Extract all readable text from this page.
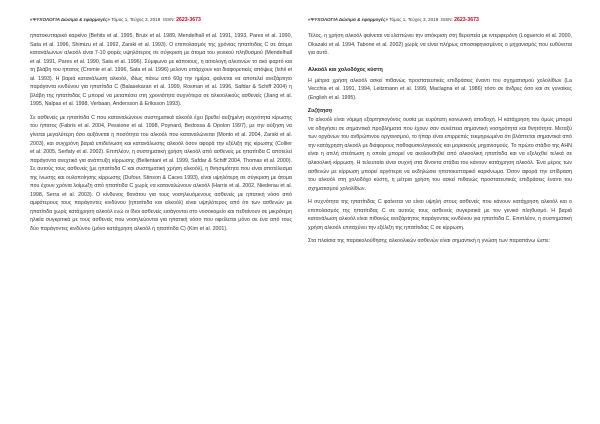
«ΨΥΧΟΛΟΓΙΑ Δώσιμα & εφαρμογές» Τόμος 1, Τεύχος 3, 2018 ISSN: 2623-3673

ηπατοκυτταρικό καρκίνο (Behits et al. 1995, Bruix et al. 1989, Mendelhall et al. 1991, 1993, Pares et al. 1990, Sata et al. 1996, Shimizu et al. 1992, Zarski et al. 1993). Ο επιπολασμός της χρόνιας ηπατίτιδας C σε άτομα κατανάλωνων αλκοόλ είναι 7-10 φορές υψηλότερος σε σύγκριση με άτομα του γενικού πληθυσμού (Mendelhall et al. 1991, Pares et al. 1990, Sata et al. 1996). Σύμφωνα με κάποιους, η αιτιολογή αλκιτινών το ακό φαρτό και τη βλάβη του ήπατος (Cromie et al. 1996, Sata et al. 1996) μελοντι υπάρχουν και διαφορετικές απόψεις (Ishii et al. 1993). Η βαριά κατανάλωση αλκοόλ, ιδίως πάνω από 60g την ημέρα, φαίνεται να αποτελεί ανεξάρτητο παράγοντα κινδύνου για ηπατίτιδα C (Balasekaran et al. 1999, Rosman et al. 1996, Safdar & Schiff 2004) η βλάβη της ηπατίτιδας C μπορεί να μεταπέσει στη χρονιότητα συχνότερα σε αλκοολικούς ασθενείς (Jiang et al. 1995, Nalpas et al. 1998, Verbaan, Andersson & Eriksson 1993).

Σε ασθενείς με ηπατίτιδα C που καταναλώνουν συστηματικά αλκοόλ έχει βρεθεί αυξημένη συχνότητα κίρωσης του ήπατος (Fabris et al. 2004, Pessione et al. 1998, Poynard, Bedossa & Opolon 1997), με την αύξηση να γίνεται μεγαλύτερη όσο αυξάνεται η ποσότητα του αλκοόλ που καταναλώνεται (Monto et al. 2004, Zarski et al. 2003), και συγχρόνη βαριά επιδείνωση και κατανάλωσης αλκοόλ όσον αφορά την εξέλιξη της κίρωσης (Collier et al. 2005, Serfaty et al. 2002). Επιπλέον, η συστηματική χρήση αλκοόλ από ασθενείς με ηπατίτιδα C αποτελεί παράγοντα ανεχτικό για ανάπτυξη κίρρωσης (Bellentani et al. 1999, Safdar & Schiff 2004, Thomas et al. 2000). Σε αυτούς τους ασθενείς (με ηπατίτιδα C και συστηματική χρήση αλκοόλ), η θνησιμότητα που είναι αποτέλεσμα της ίνωσης και ουλοποίησης κίρρωσης (Dufour, Stinson & Caces 1993), είναι υψηλότερη σε σύγκριση με άτομα που έχουν χρόνια λοίμωξη από ηπατίτιδα C χωρίς να καταναλώνουν αλκοόλ (Harris et al. 2002, Niederau et al. 1998, Serra et al. 2003). Ο κίνδυνος θανάτου για τους νοσηλευόμενους ασθενείς με ηπατική νόσο από αμφότερους τους παράγοντες κινδύνου (ηπατίτιδα και αλκοόλ) είναι υψηλότερος από ότι των ασθενών με ηπατίτιδα χωρίς κατάχρηση αλκοόλ ενώ οι ίδιοι ασθενείς εισάγονται στο νοσοκομείο και πεθαίνουν σε μικρότερη ηλικία συγκριτικά με τους ασθενείς που νοσηλεύονται για ηπατική νόσο που οφείλεται μόνο σε ένα από τους δύο παράγοντες κινδύνου (μόνο κατάχρηση αλκοόλ ή ηπατίτιδα C) (Kim et al. 2001).

«ΨΥΧΟΛΟΓΙΑ Δώσιμα & εφαρμογές» Τόμος 1, Τεύχος 3, 2018 ISSN: 2623-3673

Τέλος, η χρήση αλκοόλ φαίνεται να ελαττώνει την απόκριση στη θεραπεία με ιντερφερόνη (Loguercio et al. 2000, Okazaki et al. 1994, Tabone et al. 2002) χωρίς να είναι πλήρως αποσαφηνισμένος ο μηχανισμός που ευθύνεται για αυτό.

Αλκοόλ και χολοδόχος κύστη

Η μέτρια χρήση αλκοόλ ασκεί πιθανώς προστατευτικές επιδράσεις έναντι του σχηματισμού χολολίθων (La Vecchia et al. 1991, 1994, Leitzmann et al. 1999, Maclagna et al. 1986) τόσο σε άνδρες όσο και σε γυναίκες (English et al. 1995).

Συζήτηση

Το αλκοόλ είναι νόμιμη εξαρτησιογόνος ουσία με ευρύτατη κοινωνική αποδοχή. Η κατάχρηση του όμως μπορεί να οδηγήσει σε σημαντικά προβλήματα που έχουν σαν συνέπεια σημαντική νοσηρότητα και θνητότητα. Μεταξύ των οργάνων του ανθρώπινου οργανισμού, το ήπαρ είναι επιρρεπές τεκμηριωμένα ότι βλάπτεται σημαντικά από την κατάχρηση αλκοόλ με διάφορους παθοφυσιολογικούς και μοριακούς μηχανισμούς. Το πρώτο στάδιο της ΑΗΝ είναι η απλή στεάτωση η οποία μπορεί να ακολουθηθεί από αλκοολική ηπατίτιδα και να εξελιχθεί τελικά σε αλκοολική κίρρωση. Η τελευταία είναι συχνή στα δίνοντα στάδια του κάνουν κατάχρηση αλκοόλ. Ένα μέρος των ασθενών με κίρρωση μπορεί αργότερα να εκδηλώσει ηπατοκυτταρικό καρκίνωμα. Όσον αφορά την επίδραση του αλκοόλ στη χολοδόχο κύστη, η μέτρια χρήση του ασκεί πιθανώς προστατευτικές επιδράσεις έναντι του σχηματισμού χολολίθων.

Η συχνότητα της ηπατίτιδας C φαίνεται να είναι υψηλή στους ασθενείς που κάνουν κατάχρηση αλκοόλ και ο επιπολασμός της ηπατίτιδας C σε αυτούς τους ασθενείς συγκριτικά με τον γενικό πληθυσμό. Η βαριά κατανάλωση αλκοόλ είναι πιθανώς ανεξάρτητος παράγοντας κινδύνου για ηπατίτιδα C. Επιπλέον, η συστηματική χρήση αλκοόλ επιταχύνει την εξέλιξη της ηπατίτιδας C σε κίρρωση.

Στα πλαίσια της παρακολούθησης αλκοολικών ασθενών είναι σημαντική η γνώση των παραπάνω ώστε:
